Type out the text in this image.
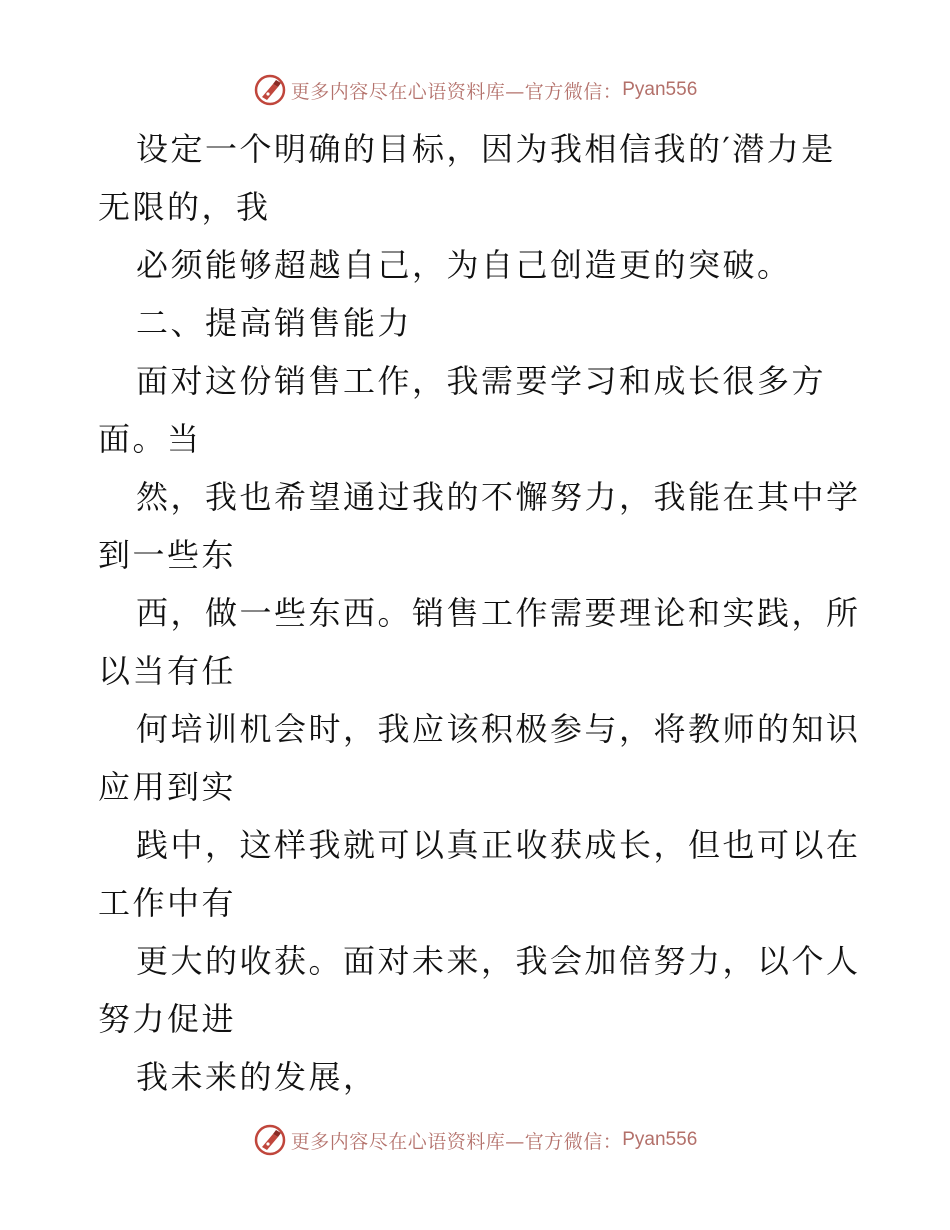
更多内容尽在心语资料库—官方微信： Pyan556
设定一个明确的目标，因为我相信我的′潜力是
无限的，我
必须能够超越自己，为自己创造更的突破。
二、提高销售能力
面对这份销售工作，我需要学习和成长很多方
面。当
然，我也希望通过我的不懈努力，我能在其中学
到一些东
西，做一些东西。销售工作需要理论和实践，所
以当有任
何培训机会时，我应该积极参与，将教师的知识
应用到实
践中，这样我就可以真正收获成长，但也可以在
工作中有
更大的收获。面对未来，我会加倍努力，以个人
努力促进
我未来的发展，
更多内容尽在心语资料库—官方微信： Pyan556
